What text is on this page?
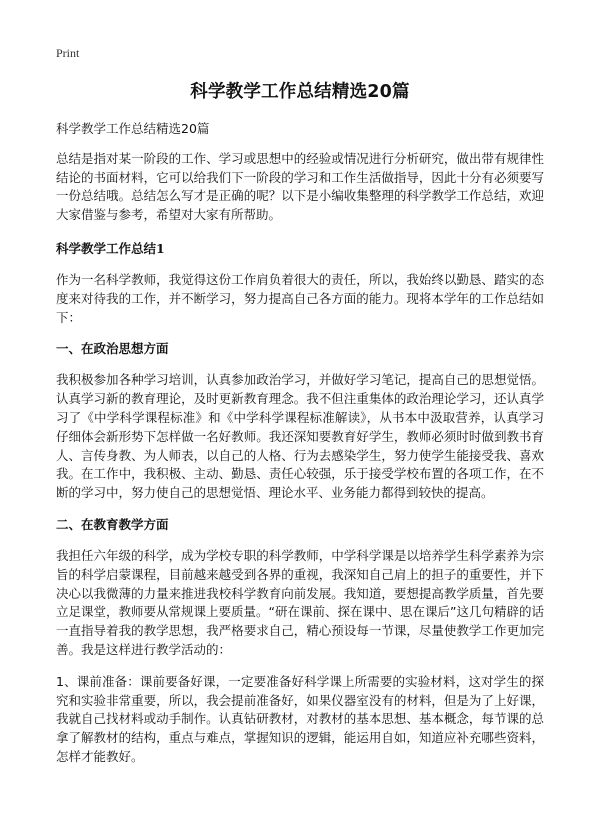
Print
科学教学工作总结精选20篇

科学教学工作总结精选20篇

总结是指对某一阶段的工作、学习或思想中的经验或情况进行分析研究，做出带有规律性结论的书面材料，它可以给我们下一阶段的学习和工作生活做指导，因此十分有必须要写一份总结哦。总结怎么写才是正确的呢？以下是小编收集整理的科学教学工作总结，欢迎大家借鉴与参考，希望对大家有所帮助。

科学教学工作总结1

作为一名科学教师，我觉得这份工作肩负着很大的责任，所以，我始终以勤恳、踏实的态度来对待我的工作，并不断学习，努力提高自己各方面的能力。现将本学年的工作总结如下：

一、在政治思想方面

我积极参加各种学习培训，认真参加政治学习，并做好学习笔记，提高自己的思想觉悟。认真学习新的教育理论，及时更新教育理念。我不但注重集体的政治理论学习，还认真学习了《中学科学课程标准》和《中学科学课程标准解读》，从书本中汲取营养，认真学习仔细体会新形势下怎样做一名好教师。我还深知要教育好学生，教师必须时时做到教书育人、言传身教、为人师表，以自己的人格、行为去感染学生，努力使学生能接受我、喜欢我。在工作中，我积极、主动、勤恳、责任心较强，乐于接受学校布置的各项工作，在不断的学习中，努力使自己的思想觉悟、理论水平、业务能力都得到较快的提高。

二、在教育教学方面

我担任六年级的科学，成为学校专职的科学教师，中学科学课是以培养学生科学素养为宗旨的科学启蒙课程，目前越来越受到各界的重视，我深知自己肩上的担子的重要性，并下决心以我微薄的力量来推进我校科学教育向前发展。我知道，要想提高教学质量，首先要立足课堂，教师要从常规课上要质量。“研在课前、探在课中、思在课后”这几句精辟的话一直指导着我的教学思想，我严格要求自己，精心预设每一节课，尽量使教学工作更加完善。我是这样进行教学活动的：

1、课前准备：课前要备好课，一定要准备好科学课上所需要的实验材料，这对学生的探究和实验非常重要，所以，我会提前准备好，如果仪器室没有的材料，但是为了上好课，我就自己找材料或动手制作。认真钻研教材，对教材的基本思想、基本概念，每节课的总拿了解教材的结构，重点与难点，掌握知识的逻辑，能运用自如，知道应补充哪些资料，怎样才能教好。
